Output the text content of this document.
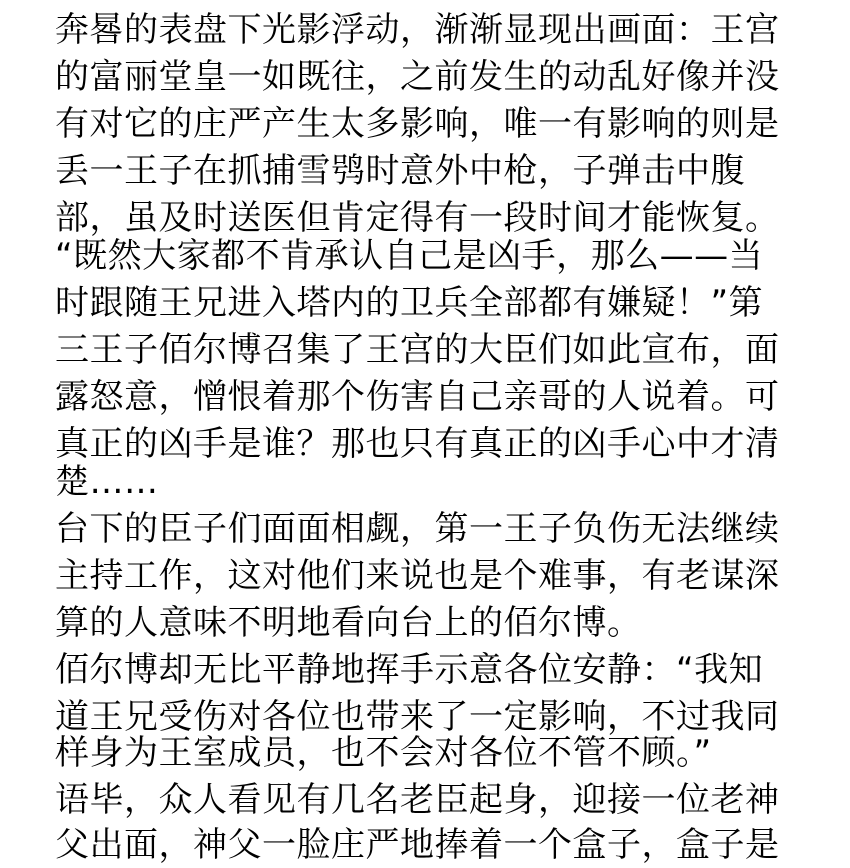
奔晷的表盘下光影浮动，渐渐显现出画面：王宫
的富丽堂皇一如既往，之前发生的动乱好像并没
有对它的庄严产生太多影响，唯一有影响的则是
丢一王子在抓捕雪鸮时意外中枪，子弹击中腹
部，虽及时送医但肯定得有一段时间才能恢复。
“既然大家都不肯承认自己是凶手，那么——当
时跟随王兄进入塔内的卫兵全部都有嫌疑！”第
三王子佰尔博召集了王宫的大臣们如此宣布，面
露怒意，憎恨着那个伤害自己亲哥的人说着。可
真正的凶手是谁？那也只有真正的凶手心中才清
楚……
台下的臣子们面面相觑，第一王子负伤无法继续
主持工作，这对他们来说也是个难事，有老谋深
算的人意味不明地看向台上的佰尔博。
佰尔博却无比平静地挥手示意各位安静：“我知
道王兄受伤对各位也带来了一定影响，不过我同
样身为王室成员，也不会对各位不管不顾。”
语毕，众人看见有几名老臣起身，迎接一位老神
父出面，神父一脸庄严地捧着一个盒子，盒子是
